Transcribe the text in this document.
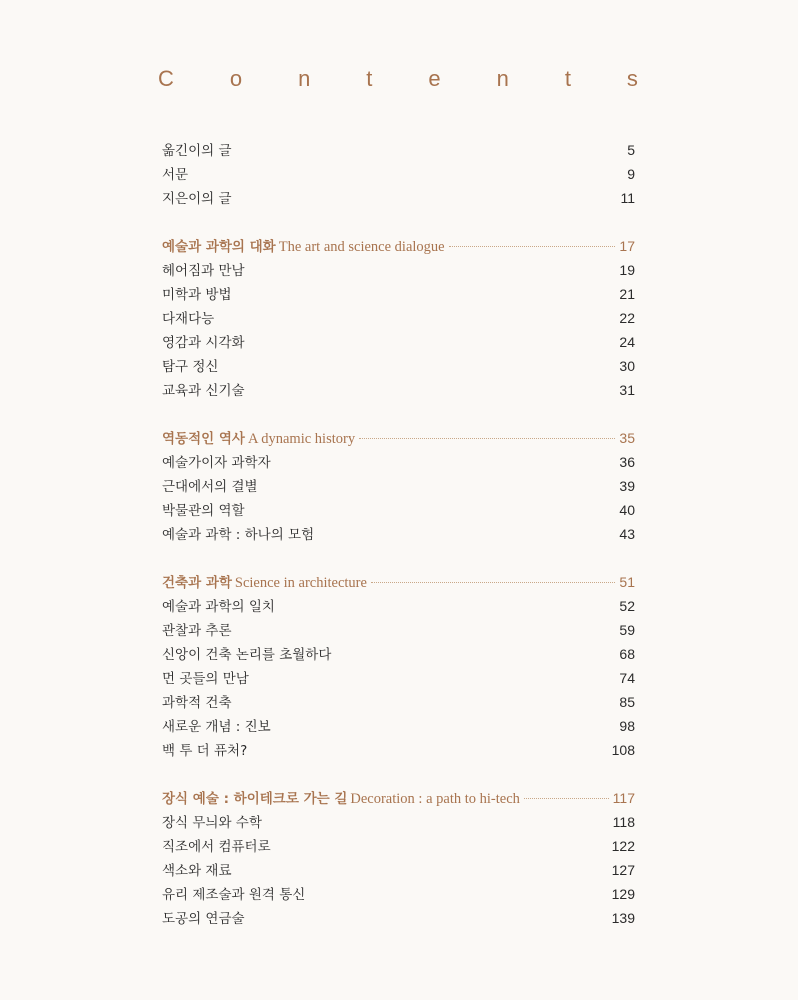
C	o	n	t	e	n	t	s
옮긴이의 글	5
서문	9
지은이의 글	11
예술과 과학의 대화 The art and science dialogue	17
헤어짐과 만남	19
미학과 방법	21
다재다능	22
영감과 시각화	24
탐구 정신	30
교육과 신기술	31
역동적인 역사 A dynamic history	35
예술가이자 과학자	36
근대에서의 결별	39
박물관의 역할	40
예술과 과학 : 하나의 모험	43
건축과 과학 Science in architecture	51
예술과 과학의 일치	52
관찰과 추론	59
신앙이 건축 논리를 초월하다	68
먼 곳들의 만남	74
과학적 건축	85
새로운 개념 : 진보	98
백 투 더 퓨처?	108
장식 예술 : 하이테크로 가는 길 Decoration : a path to hi-tech	117
장식 무늬와 수학	118
직조에서 컴퓨터로	122
색소와 재료	127
유리 제조술과 원격 통신	129
도공의 연금술	139
